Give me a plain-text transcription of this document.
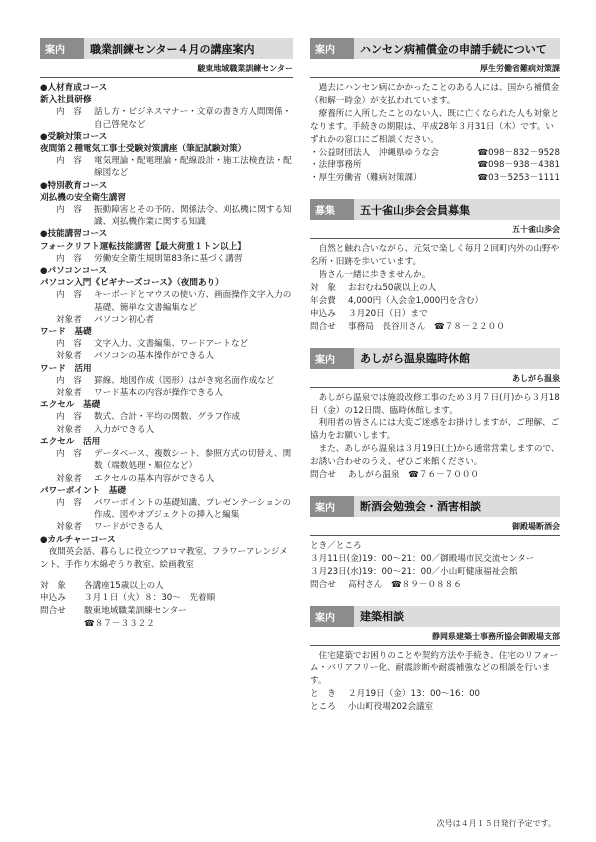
案内	職業訓練センター４月の講座案内
駿東地域職業訓練センター
●人材育成コース
新入社員研修
内　容	話し方・ビジネスマナー・文章の書き方人間関係・自己啓発など
●受験対策コース
夜間第２種電気工事士受験対策講座（筆記試験対策）
内　容	電気理論・配電理論・配線設計・施工法検査法・配線図など
●特別教育コース
刈払機の安全衛生講習
内　容	振動障害とその予防、関係法令、刈払機に関する知識、刈払機作業に関する知識
●技能講習コース
フォークリフト運転技能講習【最大荷重１トン以上】
内　容	労働安全衛生規則第83条に基づく講習
●パソコンコース
パソコン入門《ビギナーズコース》（夜間あり）
内　容	キーボードとマウスの使い方、画面操作文字入力の基礎、簡単な文書編集など
対象者	パソコン初心者
ワード　基礎
内　容	文字入力、文書編集、ワードアートなど
対象者	パソコンの基本操作ができる人
ワード　活用
内　容	罫線、地図作成（図形）はがき宛名面作成など
対象者	ワード基本の内容が操作できる人
エクセル　基礎
内　容	数式、合計・平均の関数、グラフ作成
対象者	入力ができる人
エクセル　活用
内　容	データベース、複数シート、参照方式の切替え、関数（端数処理・順位など）
対象者	エクセルの基本内容ができる人
パワーポイント　基礎
内　容	パワーポイントの基礎知識、プレゼンテーションの作成、図やオブジェクトの挿入と編集
対象者	ワードができる人
●カルチャーコース
夜間英会話、暮らしに役立つアロマ教室、フラワーアレンジメント、手作り木綿ぞうり教室、絵画教室
対　象	各講座15歳以上の人
申込み	３月１日（火）８：30～　先着順
問合せ	駿東地域職業訓練センター
☎８７－３３２２
案内	ハンセン病補償金の申請手続について
厚生労働省難病対策課
過去にハンセン病にかかったことのある人には、国から補償金（和解一時金）が支払われています。
療養所に入所したことのない人、既に亡くなられた人も対象となります。手続きの期限は、平成28年３月31日（木）です。いずれかの窓口にご相談ください。
・公益財団法人　沖縄県ゆうな会	☎098－832－9528
・法律事務所	☎098－938－4381
・厚生労働省（難病対策課）	☎03－5253－1111
募集	五十雀山歩会会員募集
五十雀山歩会
自然と触れ合いながら、元気で楽しく毎月２回町内外の山野や名所・旧跡を歩いています。
皆さん一緒に歩きませんか。
対　象	おおむね50歳以上の人
年会費	4,000円（入会金1,000円を含む）
申込み	３月20日（日）まで
問合せ	事務局　長谷川さん　☎７８－２２００
案内	あしがら温泉臨時休館
あしがら温泉
あしがら温泉では施設改修工事のため３月７日(月)から３月18日（金）の12日間、臨時休館します。
利用者の皆さんには大変ご迷惑をお掛けしますが、ご理解、ご協力をお願いします。
また、あしがら温泉は３月19日(土)から通常営業しますので、お誘い合わせのうえ、ぜひご来館ください。
問合せ	あしがら温泉　☎７６－７０００
案内	断酒会勉強会・酒害相談
御殿場断酒会
とき／ところ
３月11日(金)19：00～21：00／御殿場市民交流センター
３月23日(水)19：00～21：00／小山町健康福祉会館
問合せ	高村さん　☎８９－０８８６
案内	建築相談
静岡県建築士事務所協会御殿場支部
住宅建築でお困りのことや契約方法や手続き、住宅のリフォーム・バリアフリー化、耐震診断や耐震補強などの相談を行います。
と　き	２月19日（金）13：00～16：00
ところ	小山町役場202会議室
次号は４月１５日発行予定です。
